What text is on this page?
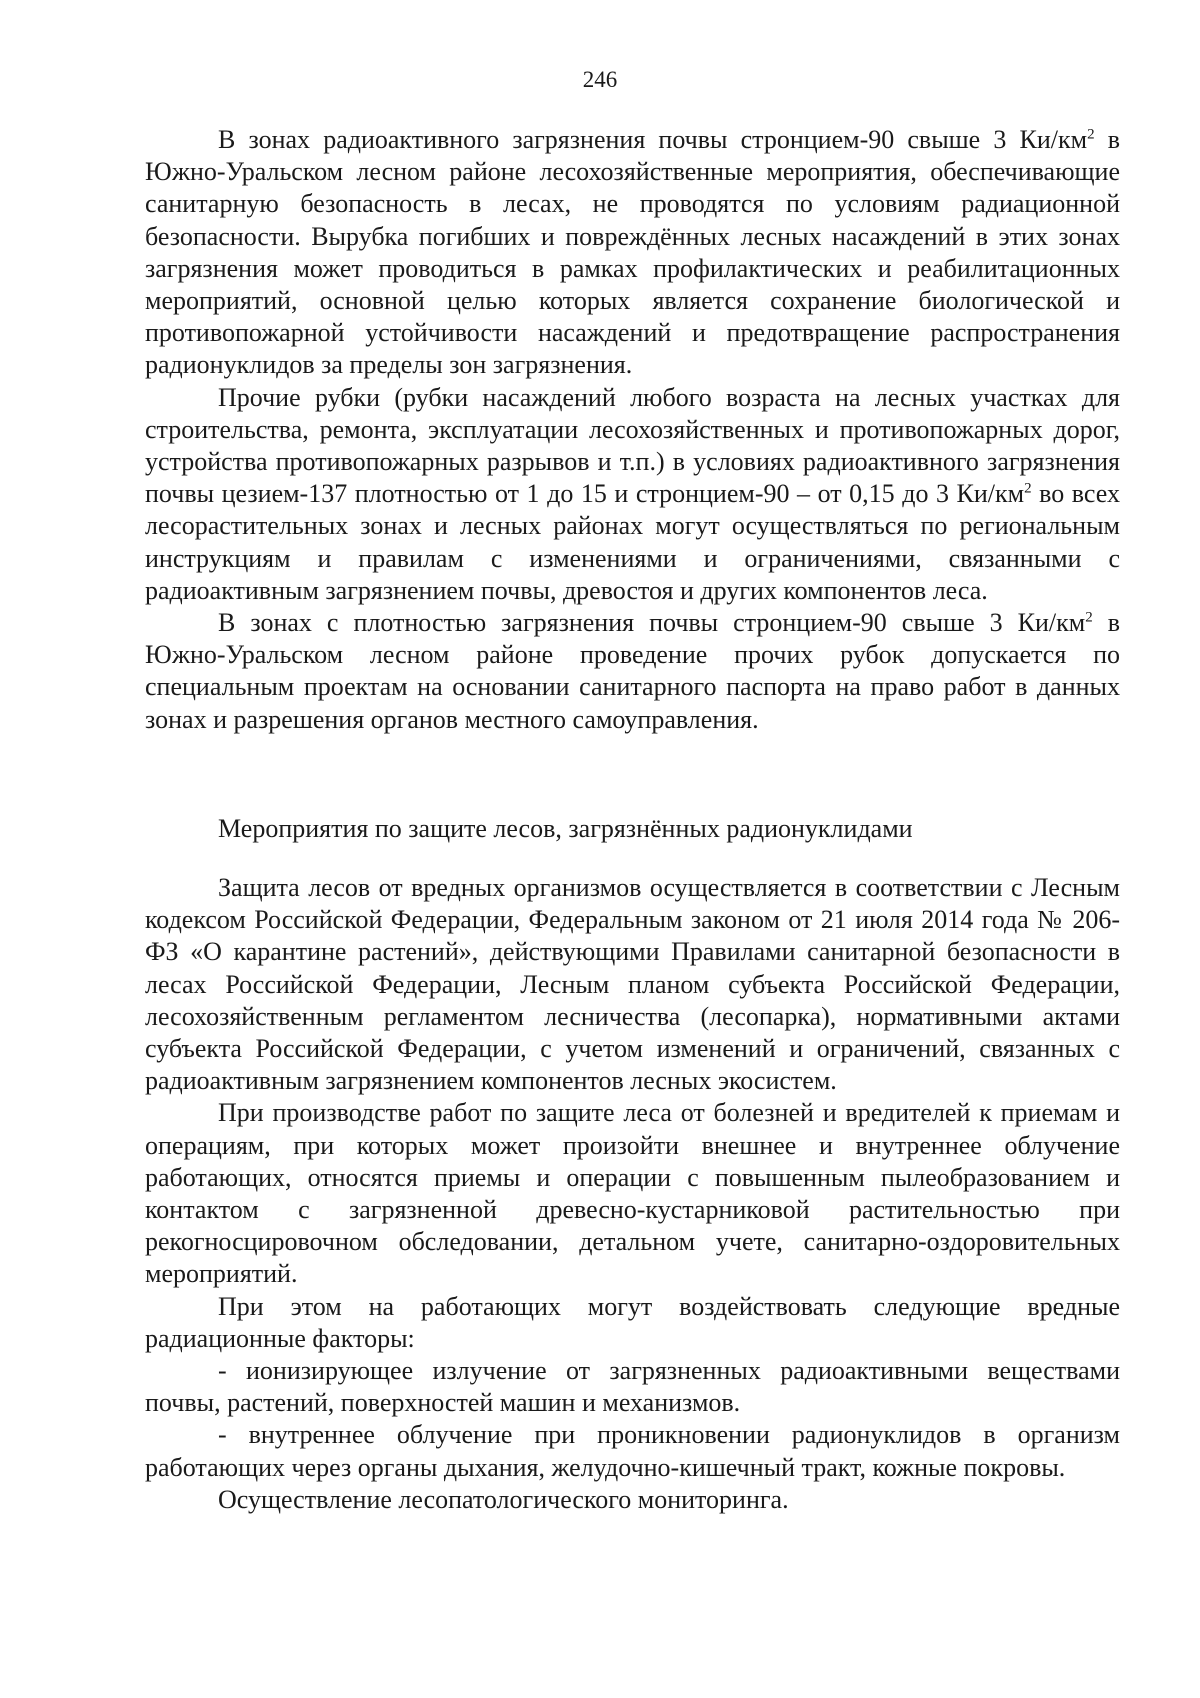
246

В зонах радиоактивного загрязнения почвы стронцием-90 свыше 3 $Ки/км^2$ в Южно-Уральском лесном районе лесохозяйственные мероприятия, обеспечивающие санитарную безопасность в лесах, не проводятся по условиям радиационной безопасности. Вырубка погибших и повреждённых лесных насаждений в этих зонах загрязнения может проводиться в рамках профилактических и реабилитационных мероприятий, основной целью которых является сохранение биологической и противопожарной устойчивости насаждений и предотвращение распространения радионуклидов за пределы зон загрязнения.

Прочие рубки (рубки насаждений любого возраста на лесных участках для строительства, ремонта, эксплуатации лесохозяйственных и противопожарных дорог, устройства противопожарных разрывов и т.п.) в условиях радиоактивного загрязнения почвы цезием-137 плотностью от 1 до 15 и стронцием-90 – от 0,15 до 3 $Ки/км^2$ во всех лесорастительных зонах и лесных районах могут осуществляться по региональным инструкциям и правилам с изменениями и ограничениями, связанными с радиоактивным загрязнением почвы, древостоя и других компонентов леса.

В зонах с плотностью загрязнения почвы стронцием-90 свыше 3 $Ки/км^2$ в Южно-Уральском лесном районе проведение прочих рубок допускается по специальным проектам на основании санитарного паспорта на право работ в данных зонах и разрешения органов местного самоуправления.

Мероприятия по защите лесов, загрязнённых радионуклидами

Защита лесов от вредных организмов осуществляется в соответствии с Лесным кодексом Российской Федерации, Федеральным законом от 21 июля 2014 года № 206-ФЗ «О карантине растений», действующими Правилами санитарной безопасности в лесах Российской Федерации, Лесным планом субъекта Российской Федерации, лесохозяйственным регламентом лесничества (лесопарка), нормативными актами субъекта Российской Федерации, с учетом изменений и ограничений, связанных с радиоактивным загрязнением компонентов лесных экосистем.

При производстве работ по защите леса от болезней и вредителей к приемам и операциям, при которых может произойти внешнее и внутреннее облучение работающих, относятся приемы и операции с повышенным пылеобразованием и контактом с загрязненной древесно-кустарниковой растительностью при рекогносцировочном обследовании, детальном учете, санитарно-оздоровительных мероприятий.

При этом на работающих могут воздействовать следующие вредные радиационные факторы:

- ионизирующее излучение от загрязненных радиоактивными веществами почвы, растений, поверхностей машин и механизмов.

- внутреннее облучение при проникновении радионуклидов в организм работающих через органы дыхания, желудочно-кишечный тракт, кожные покровы.

Осуществление лесопатологического мониторинга.
